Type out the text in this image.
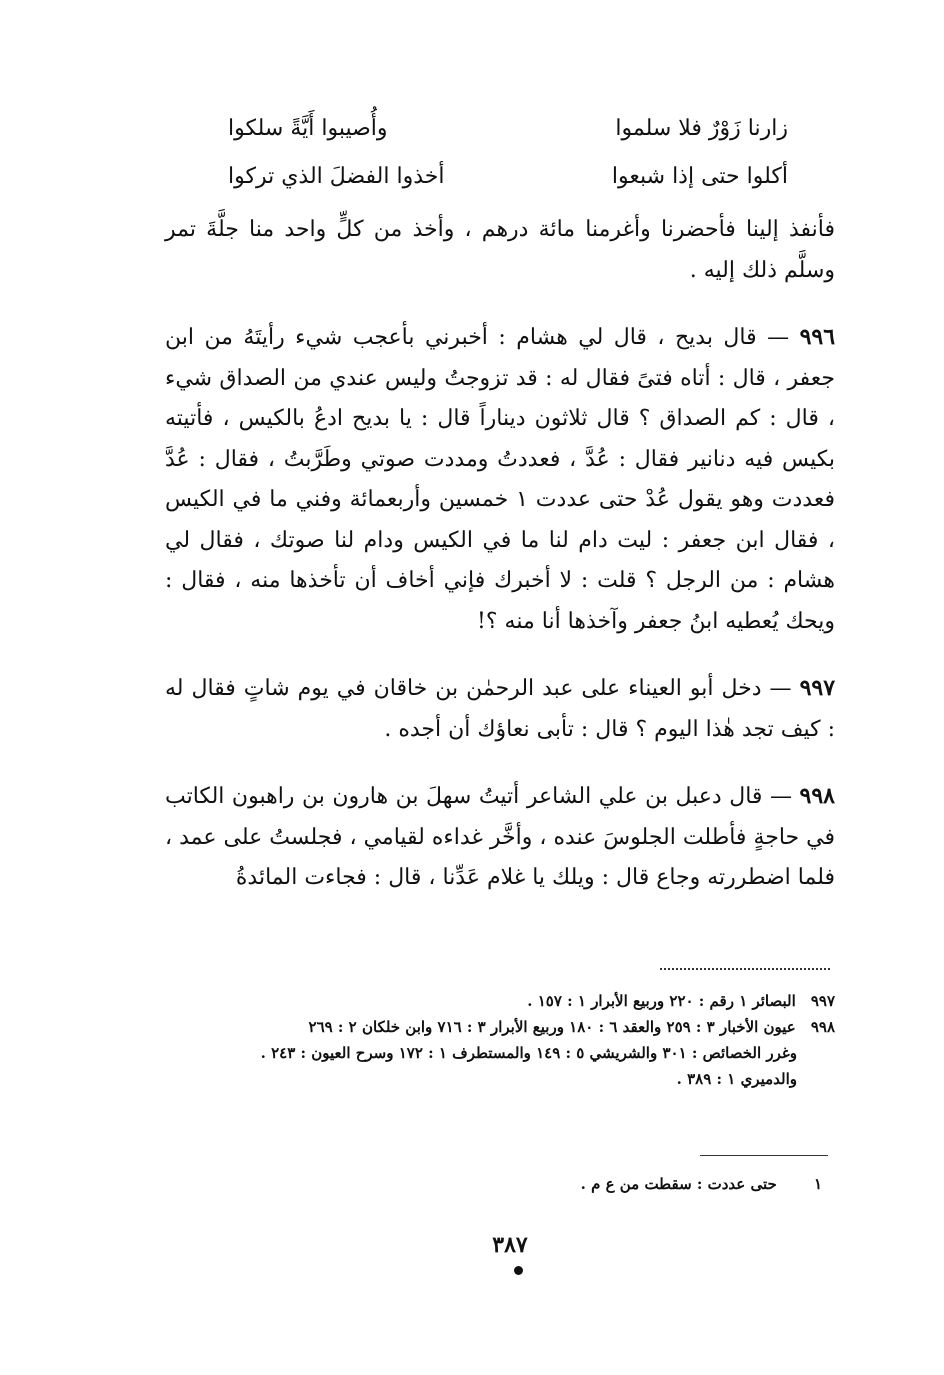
زارنا زَوْرٌ فلا سلموا
وأُصيبوا أَيَّةً سلكوا
أكلوا حتى إذا شبعوا
أخذوا الفضلَ الذي تركوا

فأنفذ إلينا فأحضرنا وأغرمنا مائة درهم ، وأخذ من كلٍّ واحد منا جلَّةَ تمر وسلَّم ذلك إليه .

٩٩٦ — قال بديح ، قال لي هشام : أخبرني بأعجب شيء رأيتَهُ من ابن جعفر ، قال : أتاه فتىً فقال له : قد تزوجتُ وليس عندي من الصداق شيء ، قال : كم الصداق ؟ قال ثلاثون ديناراً قال : يا بديح ادعُ بالكيس ، فأتيته بكيس فيه دنانير فقال : عُدَّ ، فعددتُ ومددت صوتي وطَرَّبتُ ، فقال : عُدَّ فعددت وهو يقول عُدْ حتى عددت ١ خمسين وأربعمائة وفني ما في الكيس ، فقال ابن جعفر : ليت دام لنا ما في الكيس ودام لنا صوتك ، فقال لي هشام : من الرجل ؟ قلت : لا أخبرك فإني أخاف أن تأخذها منه ، فقال : ويحك يُعطيه ابنُ جعفر وآخذها أنا منه ؟!

٩٩٧ — دخل أبو العيناء على عبد الرحمٰن بن خاقان في يوم شاتٍ فقال له : كيف تجد هٰذا اليوم ؟ قال : تأبى نعاؤك أن أجده .

٩٩٨ — قال دعبل بن علي الشاعر أتيتُ سهلَ بن هارون بن راهبون الكاتب في حاجةٍ فأطلت الجلوسَ عنده ، وأخَّر غداءه لقيامي ، فجلستُ على عمد ، فلما اضطررته وجاع قال : ويلك يا غلام عَدِّنا ، قال : فجاءت المائدةُ

٩٩٧ البصائر ١ رقم : ٢٢٠ وربيع الأبرار ١ : ١٥٧ .

٩٩٨ عيون الأخبار ٣ : ٢٥٩ والعقد ٦ : ١٨٠ وربيع الأبرار ٣ : ٧١٦ وابن خلكان ٢ : ٢٦٩

وغرر الخصائص : ٣٠١ والشريشي ٥ : ١٤٩ والمستطرف ١ : ١٧٢ وسرح العيون : ٢٤٣ .

والدميري ١ : ٣٨٩ .

١ حتى عددت : سقطت من ع م .
٣٨٧
